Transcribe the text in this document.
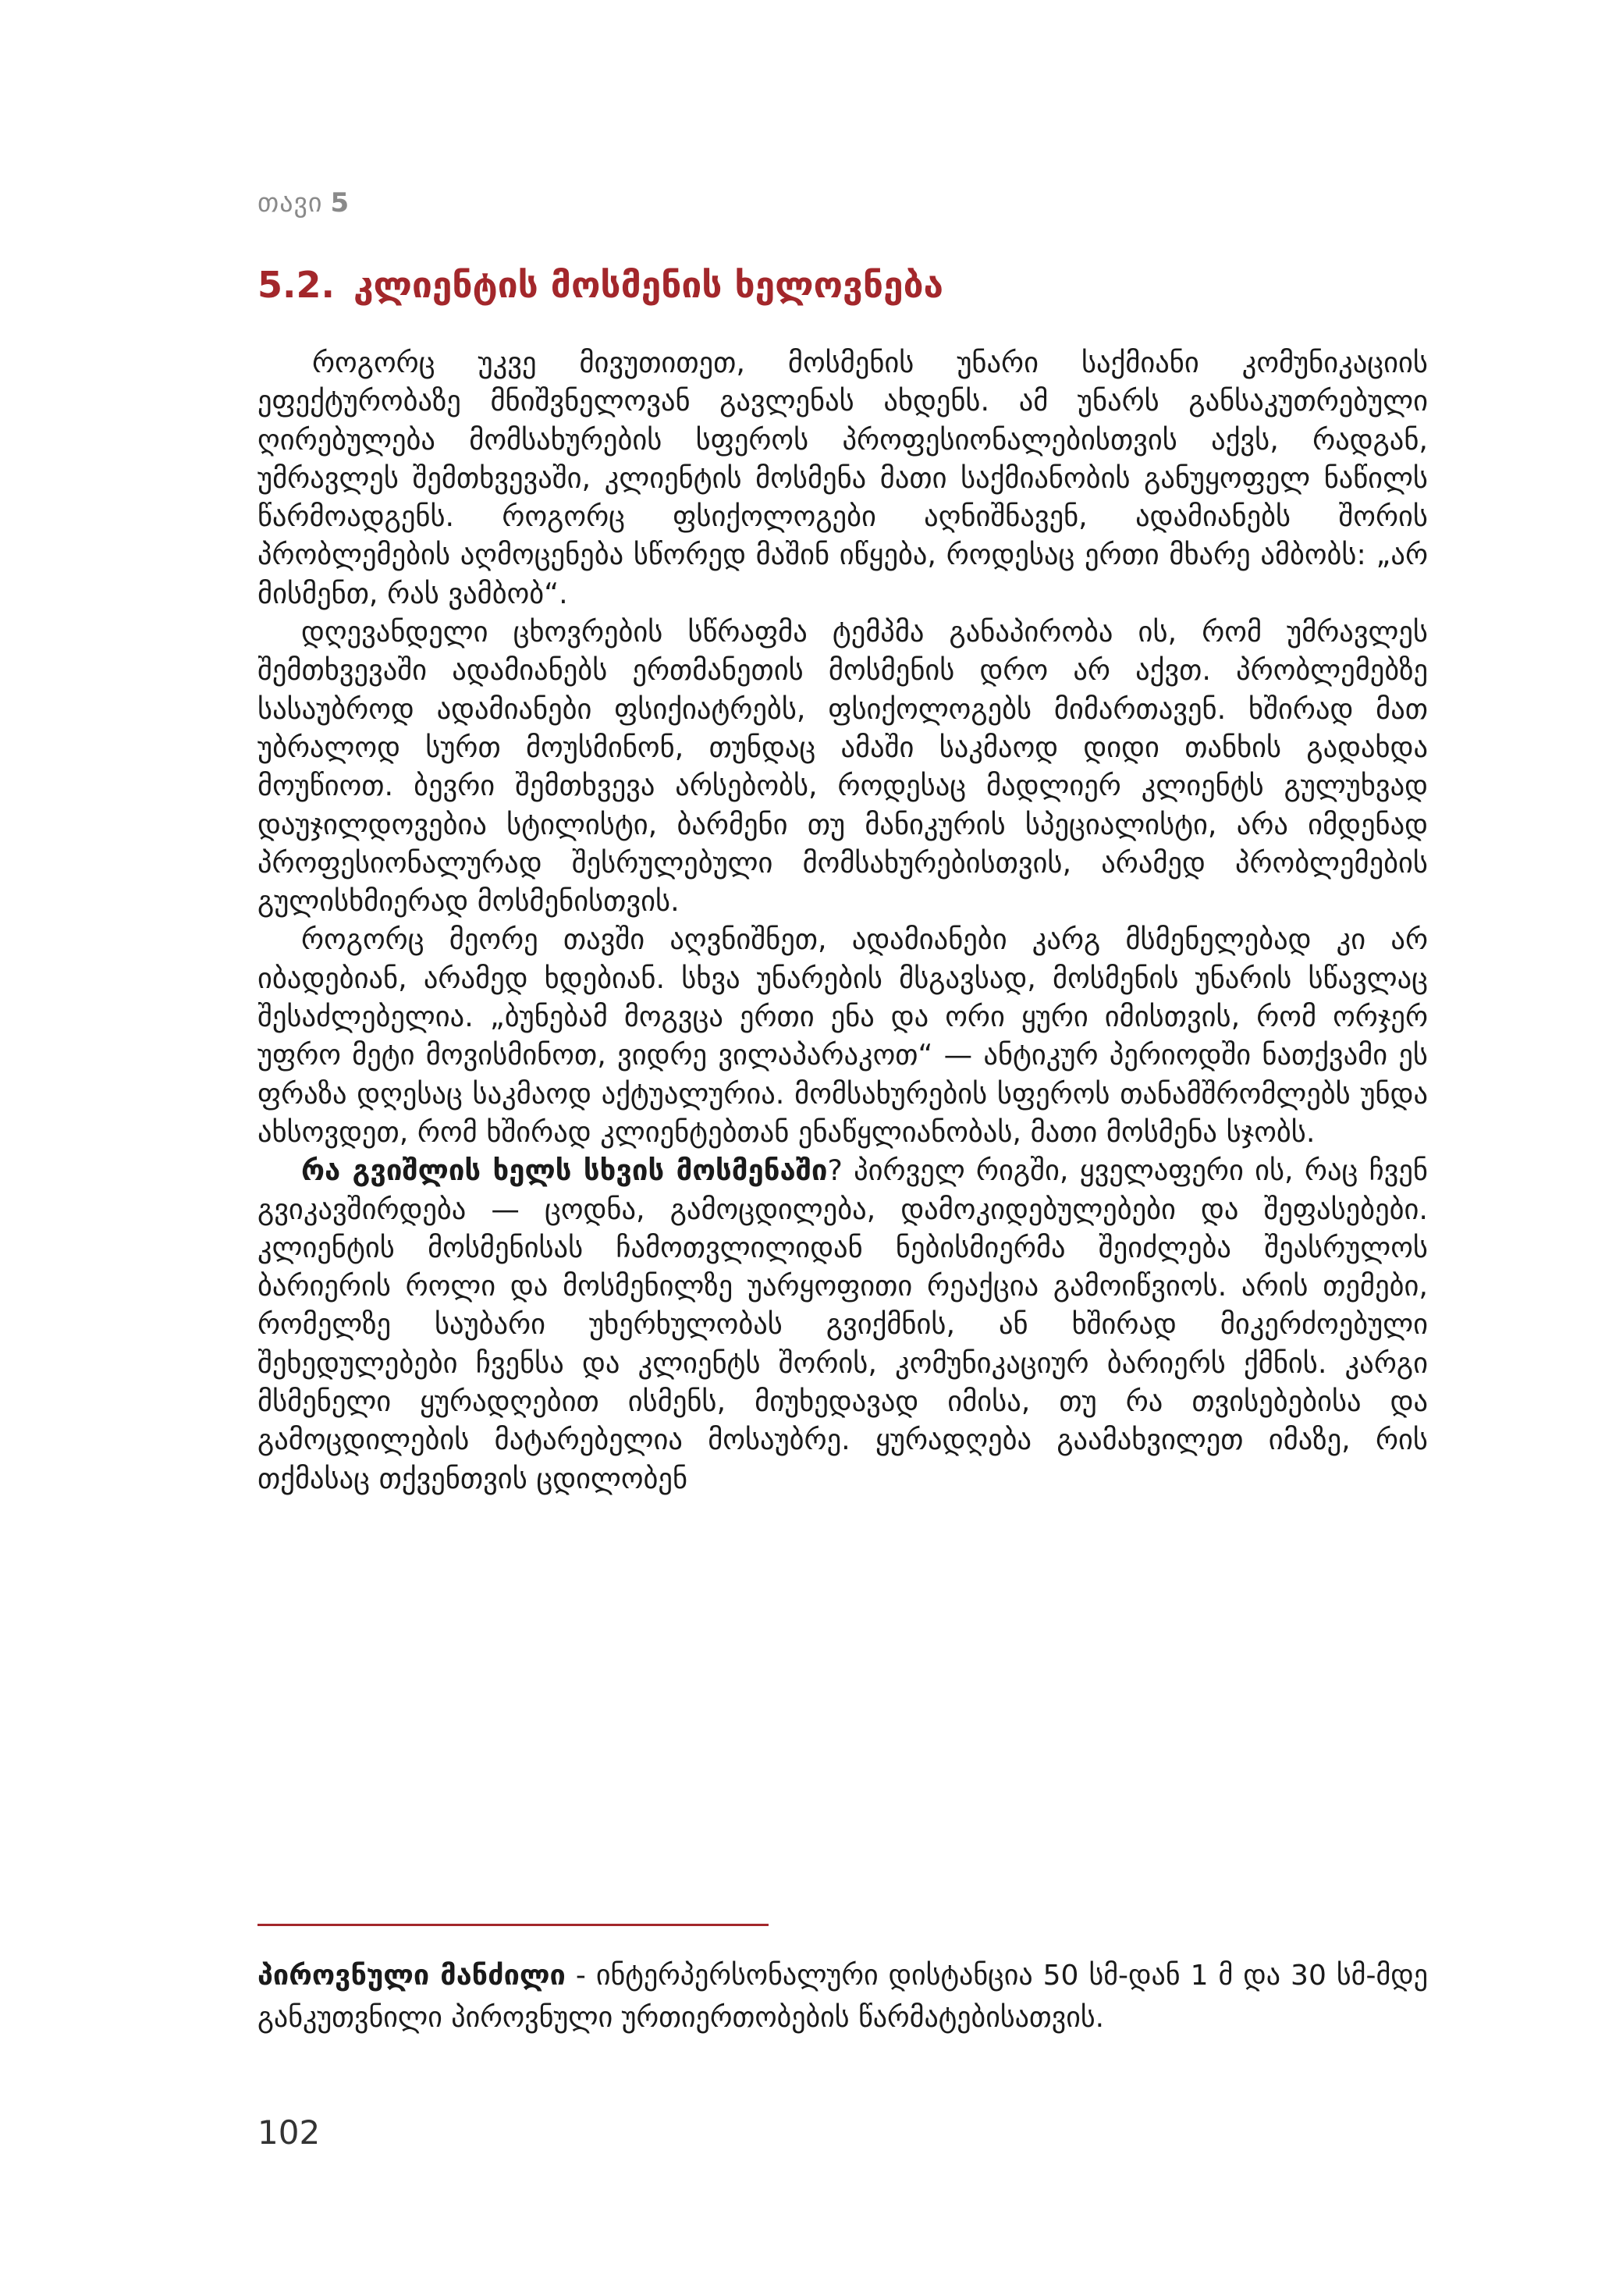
თავი 5
5.2. კლიენტის მოსმენის ხელოვნება

როგორც უკვე მივუთითეთ, მოსმენის უნარი საქმიანი კომუნიკაციის ეფექტურობაზე მნიშვნელოვან გავლენას ახდენს. ამ უნარს განსაკუთრებული ღირებულება მომსახურების სფეროს პროფესიონალებისთვის აქვს, რადგან, უმრავლეს შემთხვევაში, კლიენტის მოსმენა მათი საქმიანობის განუყოფელ ნაწილს წარმოადგენს. როგორც ფსიქოლოგები აღნიშნავენ, ადამიანებს შორის პრობლემების აღმოცენება სწორედ მაშინ იწყება, როდესაც ერთი მხარე ამბობს: „არ მისმენთ, რას ვამბობ“.

დღევანდელი ცხოვრების სწრაფმა ტემპმა განაპირობა ის, რომ უმრავლეს შემთხვევაში ადამიანებს ერთმანეთის მოსმენის დრო არ აქვთ. პრობლემებზე სასაუბროდ ადამიანები ფსიქიატრებს, ფსიქოლოგებს მიმართავენ. ხშირად მათ უბრალოდ სურთ მოუსმინონ, თუნდაც ამაში საკმაოდ დიდი თანხის გადახდა მოუწიოთ. ბევრი შემთხვევა არსებობს, როდესაც მადლიერ კლიენტს გულუხვად დაუჯილდოვებია სტილისტი, ბარმენი თუ მანიკურის სპეციალისტი, არა იმდენად პროფესიონალურად შესრულებული მომსახურებისთვის, არამედ პრობლემების გულისხმიერად მოსმენისთვის.

როგორც მეორე თავში აღვნიშნეთ, ადამიანები კარგ მსმენელებად კი არ იბადებიან, არამედ ხდებიან. სხვა უნარების მსგავსად, მოსმენის უნარის სწავლაც შესაძლებელია. „ბუნებამ მოგვცა ერთი ენა და ორი ყური იმისთვის, რომ ორჯერ უფრო მეტი მოვისმინოთ, ვიდრე ვილაპარაკოთ“ — ანტიკურ პერიოდში ნათქვამი ეს ფრაზა დღესაც საკმაოდ აქტუალურია. მომსახურების სფეროს თანამშრომლებს უნდა ახსოვდეთ, რომ ხშირად კლიენტებთან ენაწყლიანობას, მათი მოსმენა სჯობს.

რა გვიშლის ხელს სხვის მოსმენაში? პირველ რიგში, ყველაფერი ის, რაც ჩვენ გვიკავშირდება — ცოდნა, გამოცდილება, დამოკიდებულებები და შეფასებები. კლიენტის მოსმენისას ჩამოთვლილიდან ნებისმიერმა შეიძლება შეასრულოს ბარიერის როლი და მოსმენილზე უარყოფითი რეაქცია გამოიწვიოს. არის თემები, რომელზე საუბარი უხერხულობას გვიქმნის, ან ხშირად მიკერძოებული შეხედულებები ჩვენსა და კლიენტს შორის, კომუნიკაციურ ბარიერს ქმნის. კარგი მსმენელი ყურადღებით ისმენს, მიუხედავად იმისა, თუ რა თვისებებისა და გამოცდილების მატარებელია მოსაუბრე. ყურადღება გაამახვილეთ იმაზე, რის თქმასაც თქვენთვის ცდილობენ

პიროვნული მანძილი - ინტერპერსონალური დისტანცია 50 სმ-დან 1 მ და 30 სმ-მდე განკუთვნილი პიროვნული ურთიერთობების წარმატებისათვის.
102
